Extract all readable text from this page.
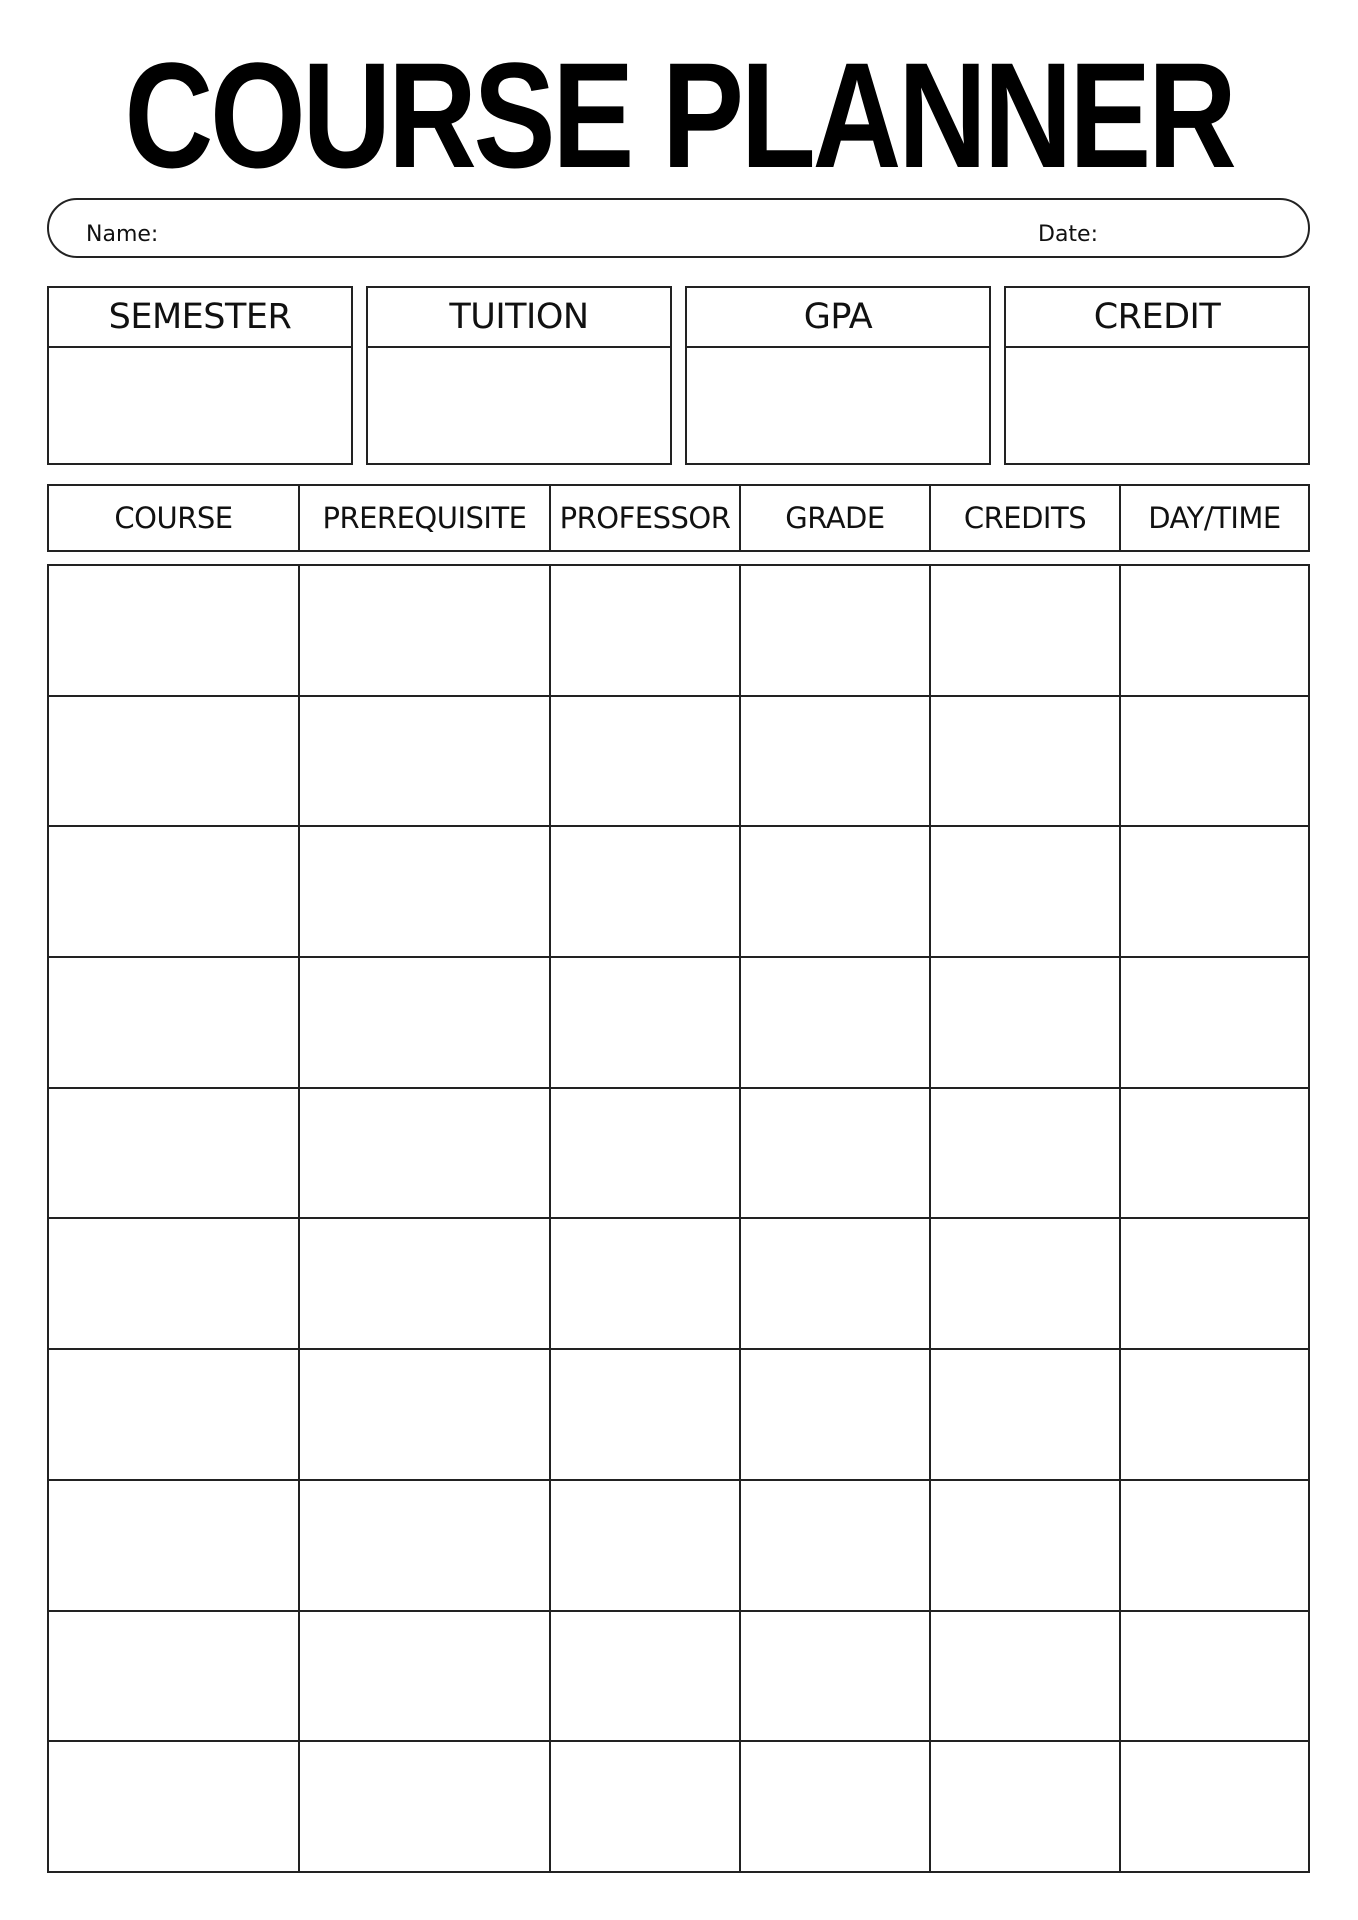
COURSE PLANNER
Name:	Date:
SEMESTER	TUITION	GPA	CREDIT
COURSE	PREREQUISITE	PROFESSOR	GRADE	CREDITS	DAY/TIME
